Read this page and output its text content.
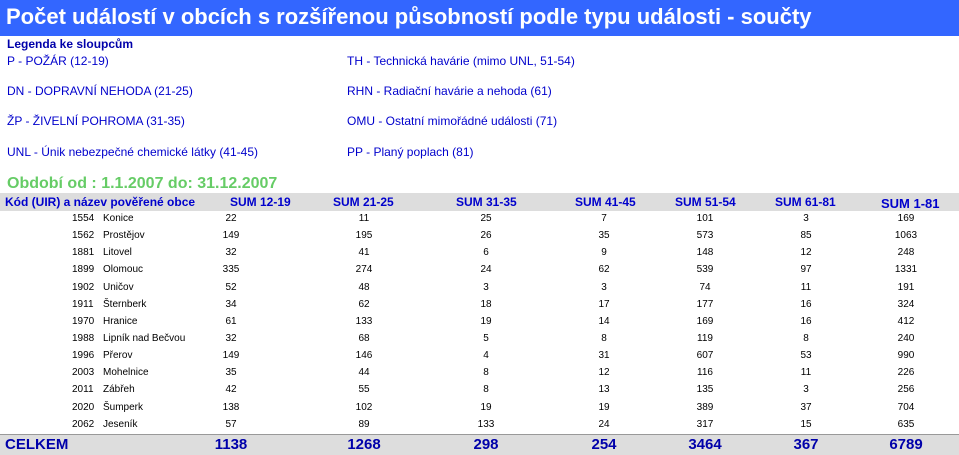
Počet událostí v obcích s rozšířenou působností podle typu události - součty
Legenda ke sloupcům
P - POŽÁR (12-19)
DN - DOPRAVNÍ NEHODA (21-25)
ŽP - ŽIVELNÍ POHROMA (31-35)
UNL - Únik nebezpečné chemické látky (41-45)
TH - Technická havárie (mimo UNL, 51-54)
RHN - Radiační havárie a nehoda (61)
OMU - Ostatní mimořádné události (71)
PP - Planý poplach (81)
Období od : 1.1.2007 do: 31.12.2007
Kód (UIR) a název pověřené obce	SUM 12-19	SUM 21-25	SUM 31-35	SUM 41-45	SUM 51-54	SUM 61-81	SUM 1-81
1554 Konice	22	11	25	7	101	3	169
1562 Prostějov	149	195	26	35	573	85	1063
1881 Litovel	32	41	6	9	148	12	248
1899 Olomouc	335	274	24	62	539	97	1331
1902 Uničov	52	48	3	3	74	11	191
1911 Šternberk	34	62	18	17	177	16	324
1970 Hranice	61	133	19	14	169	16	412
1988 Lipník nad Bečvou	32	68	5	8	119	8	240
1996 Přerov	149	146	4	31	607	53	990
2003 Mohelnice	35	44	8	12	116	11	226
2011 Zábřeh	42	55	8	13	135	3	256
2020 Šumperk	138	102	19	19	389	37	704
2062 Jeseník	57	89	133	24	317	15	635
CELKEM	1138	1268	298	254	3464	367	6789
